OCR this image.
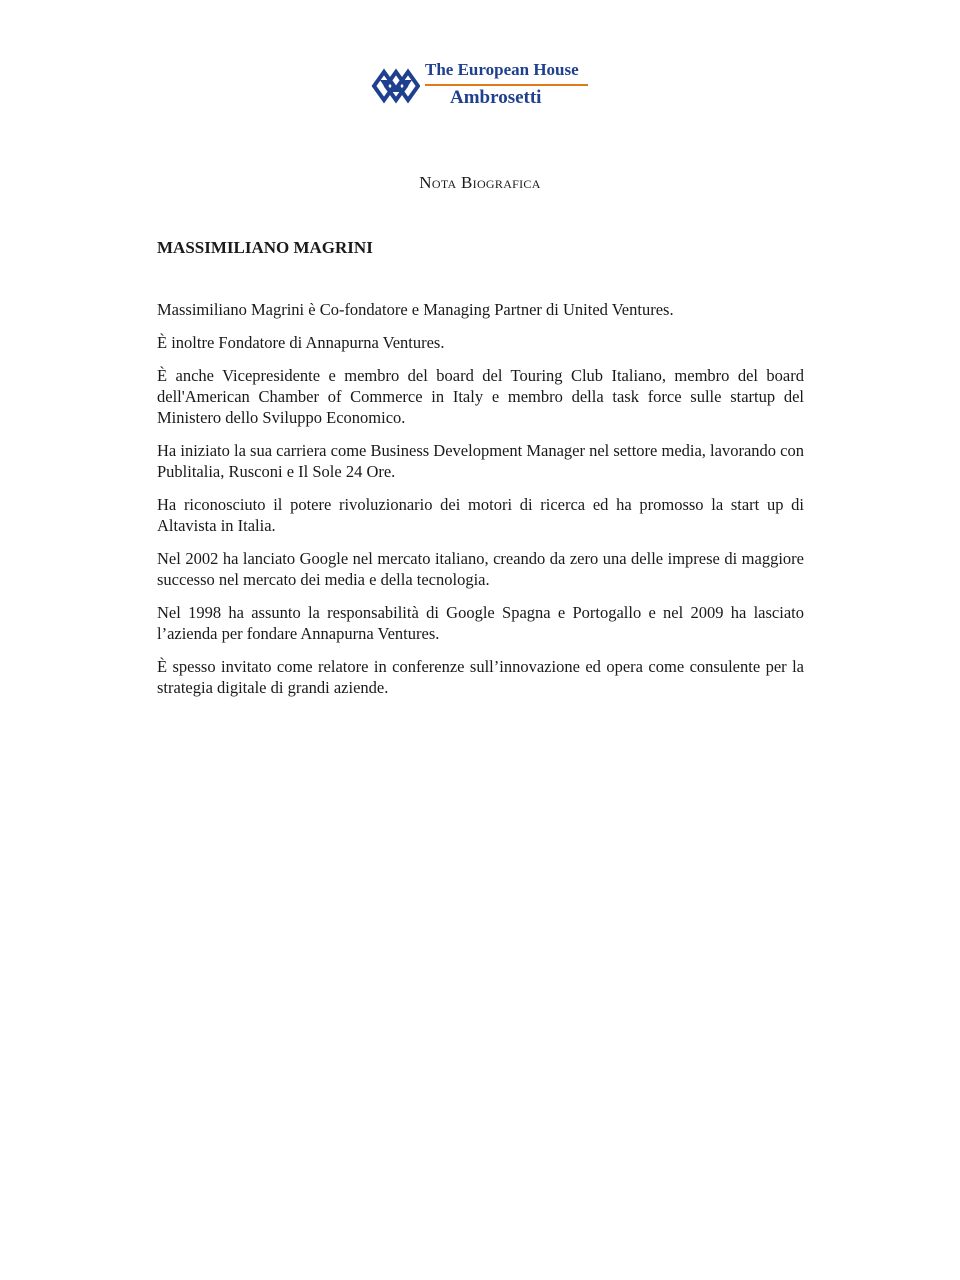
The European House
Ambrosetti
Nota Biografica
MASSIMILIANO MAGRINI

Massimiliano Magrini è Co-fondatore e Managing Partner di United Ventures.

È inoltre Fondatore di Annapurna Ventures.

È anche Vicepresidente e membro del board del Touring Club Italiano, membro del board dell'American Chamber of Commerce in Italy e membro della task force sulle startup del Ministero dello Sviluppo Economico.

Ha iniziato la sua carriera come Business Development Manager nel settore media, lavorando con Publitalia, Rusconi e Il Sole 24 Ore.

Ha riconosciuto il potere rivoluzionario dei motori di ricerca ed ha promosso la start up di Altavista in Italia.

Nel 2002 ha lanciato Google nel mercato italiano, creando da zero una delle imprese di maggiore successo nel mercato dei media e della tecnologia.

Nel 1998 ha assunto la responsabilità di Google Spagna e Portogallo e nel 2009 ha lasciato l’azienda per fondare Annapurna Ventures.

È spesso invitato come relatore in conferenze sull’innovazione ed opera come consulente per la strategia digitale di grandi aziende.
